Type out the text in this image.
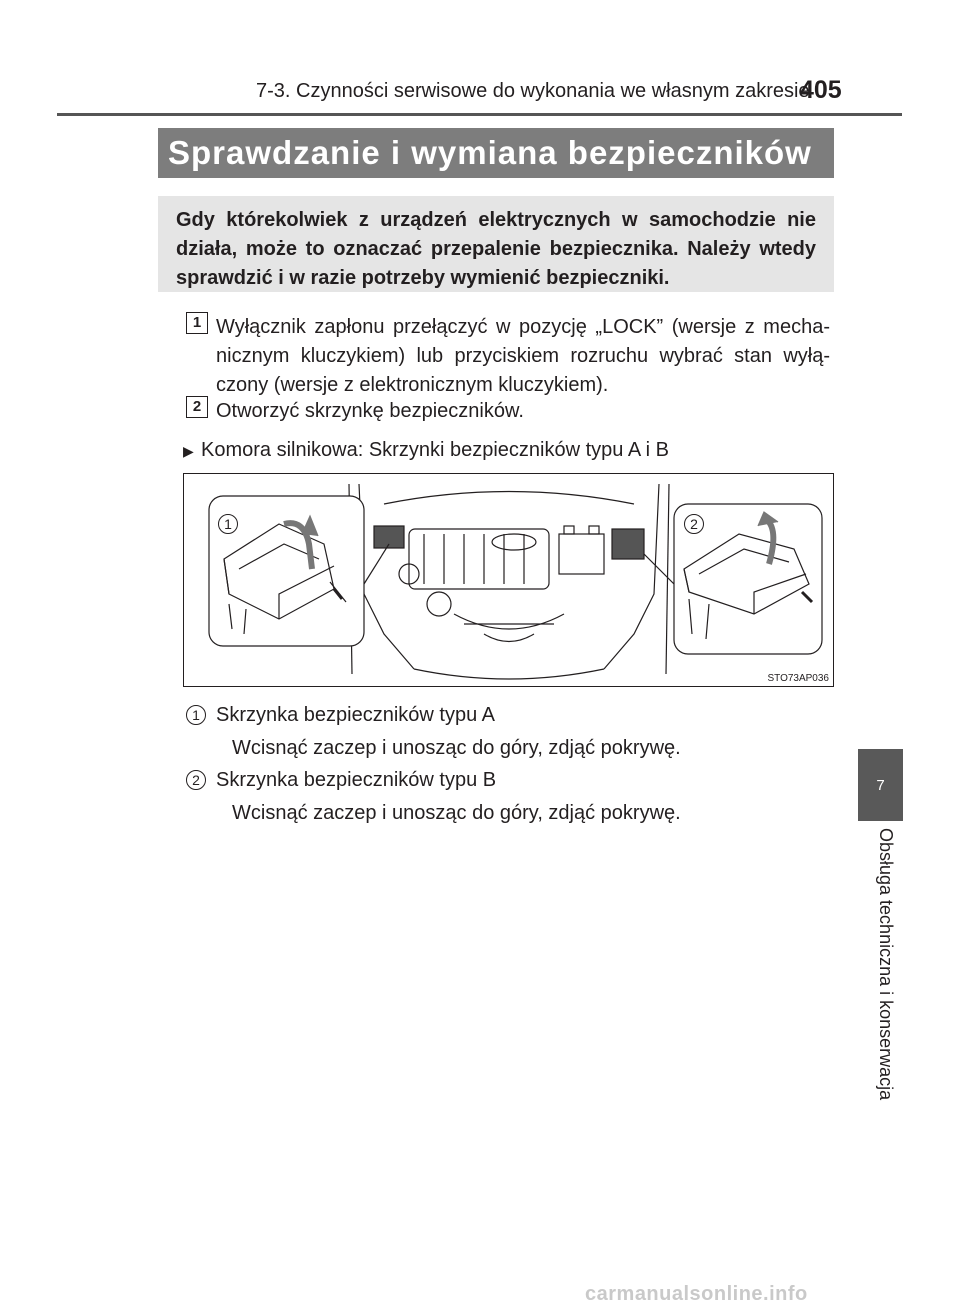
7-3. Czynności serwisowe do wykonania we własnym zakresie
405
Sprawdzanie i wymiana bezpieczników

Gdy którekolwiek z urządzeń elektrycznych w samochodzie nie działa, może to oznaczać przepalenie bezpiecznika. Należy wtedy sprawdzić i w razie potrzeby wymienić bezpieczniki.

1 Wyłącznik zapłonu przełączyć w pozycję „LOCK” (wersje z mecha-nicznym kluczykiem) lub przyciskiem rozruchu wybrać stan wyłą-czony (wersje z elektronicznym kluczykiem).
2 Otworzyć skrzynkę bezpieczników.
▶ Komora silnikowa: Skrzynki bezpieczników typu A i B
1	2
STO73AP036
1 Skrzynka bezpieczników typu A
Wcisnąć zaczep i unosząc do góry, zdjąć pokrywę.
2 Skrzynka bezpieczników typu B
Wcisnąć zaczep i unosząc do góry, zdjąć pokrywę.
7
Obsługa techniczna i konserwacja
carmanualsonline.info
